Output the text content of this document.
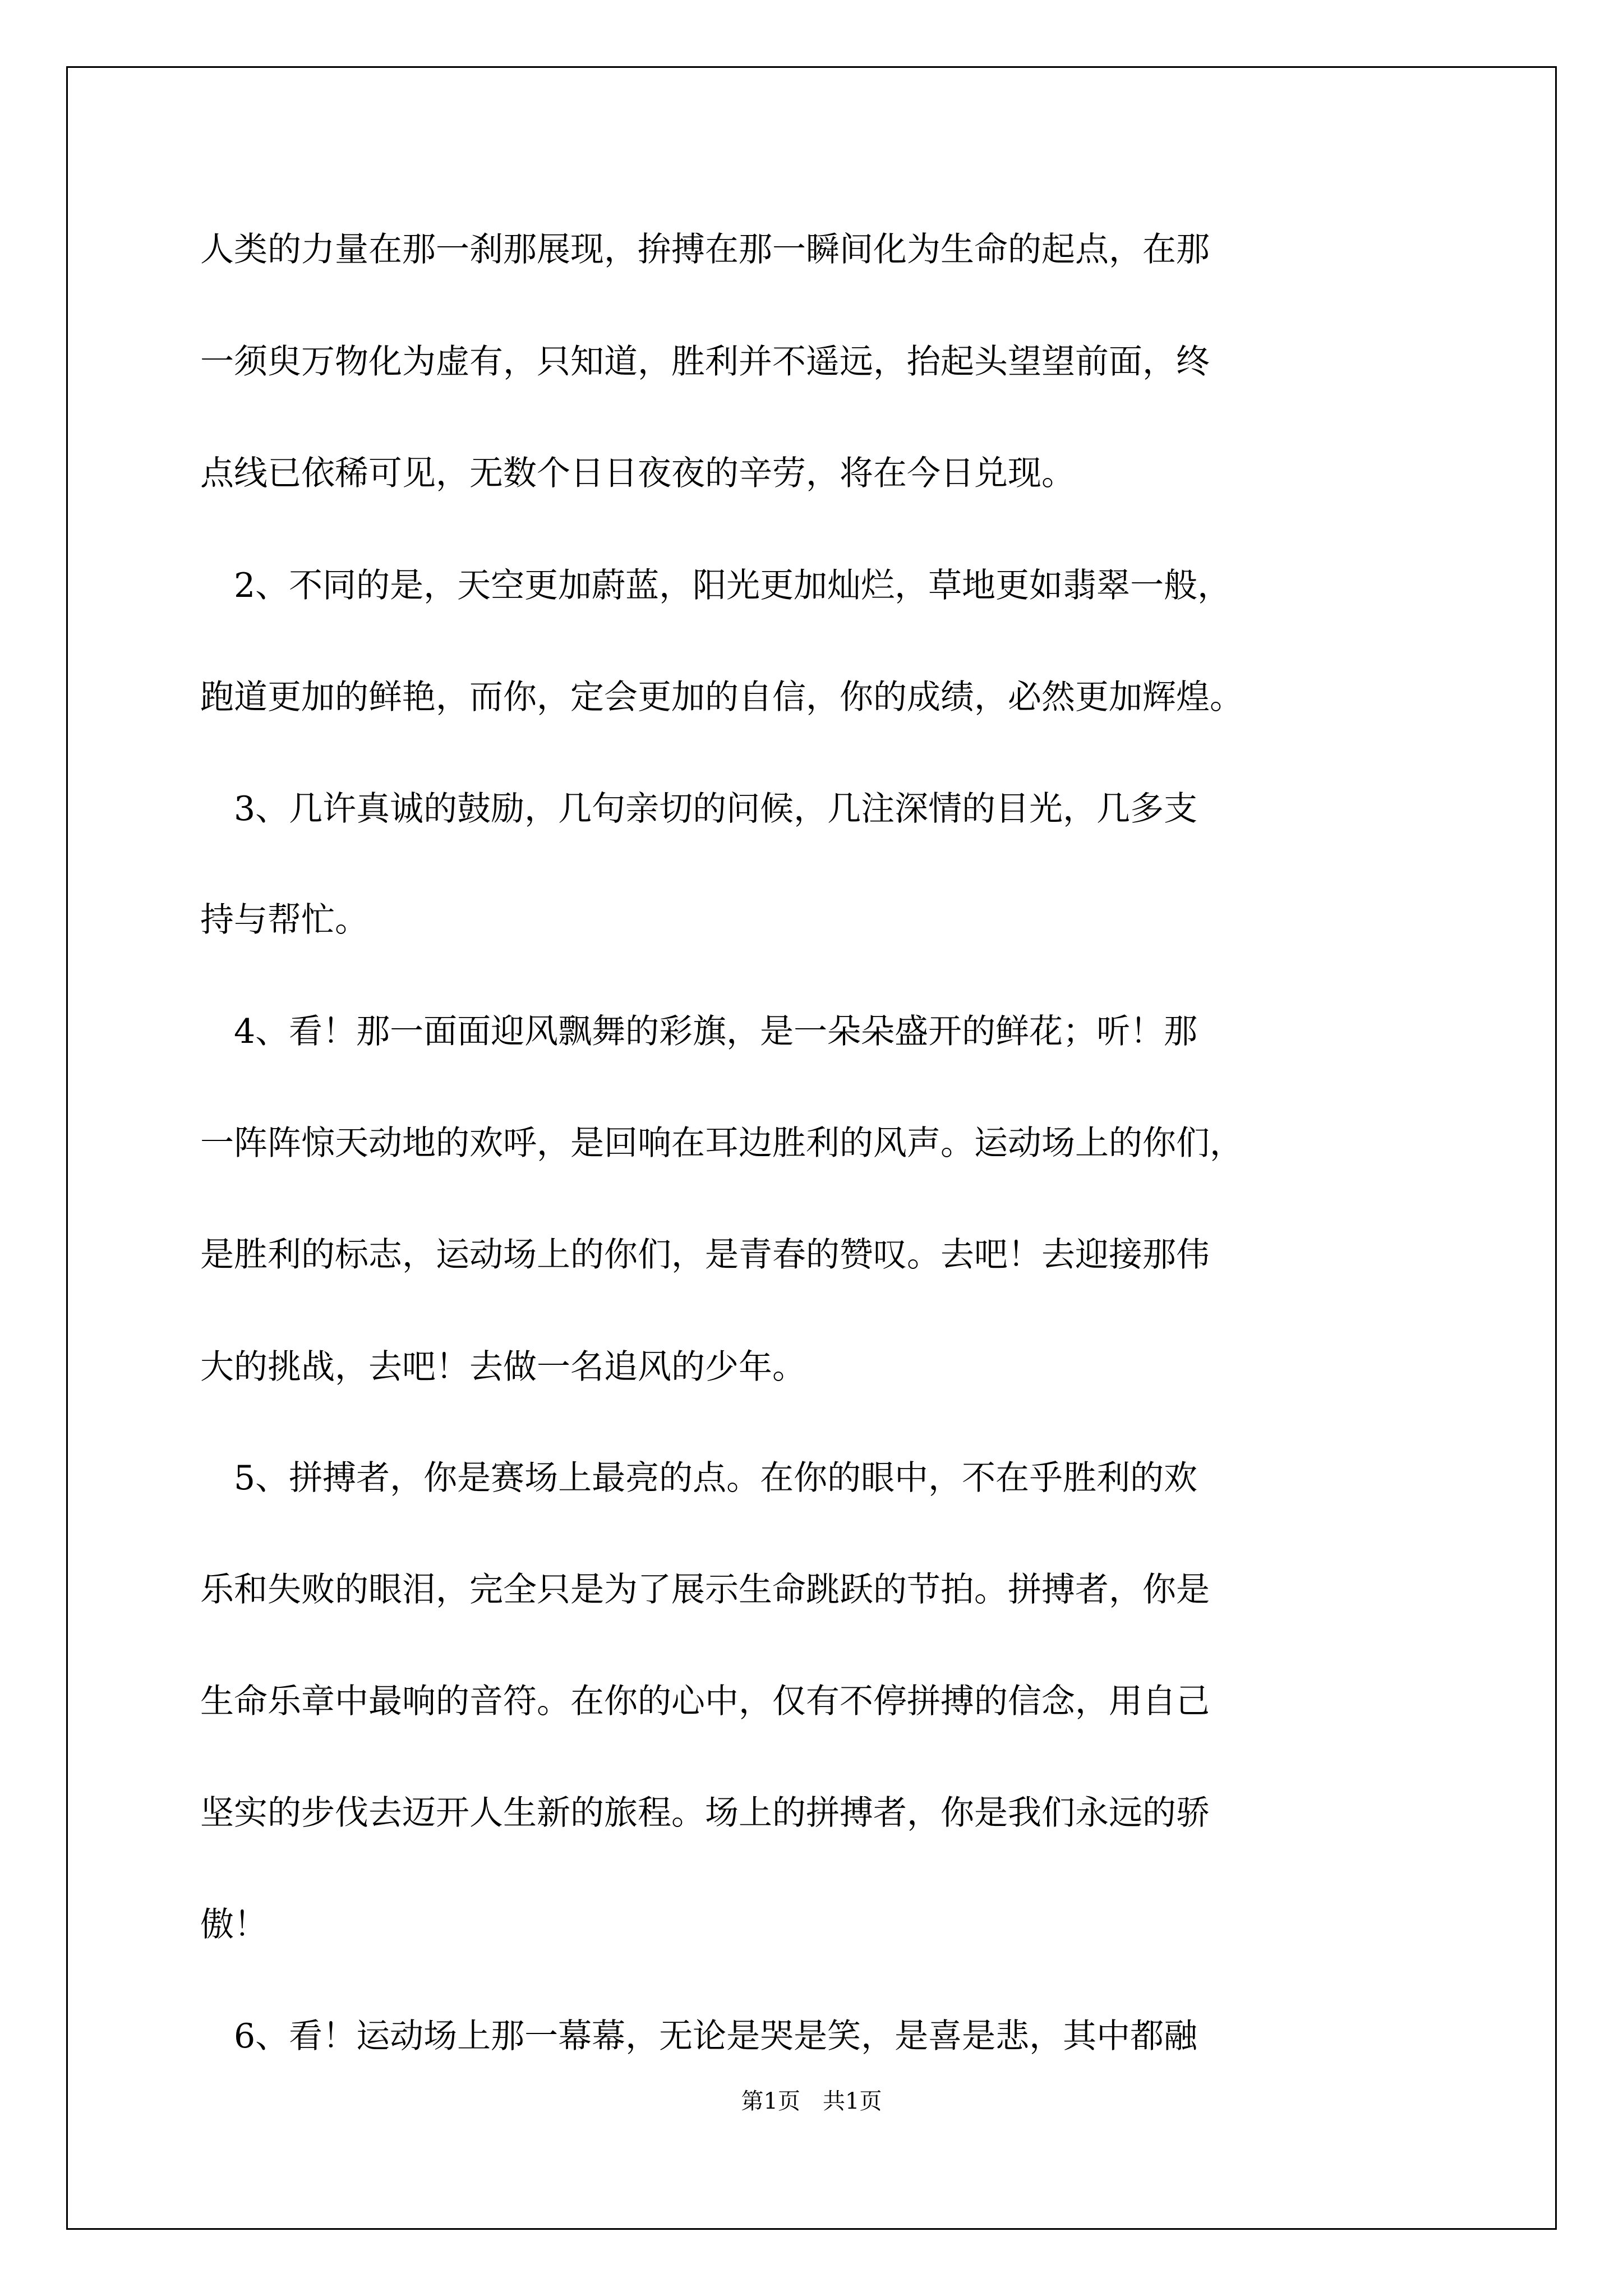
人类的力量在那一刹那展现，拚搏在那一瞬间化为生命的起点，在那
一须臾万物化为虚有，只知道，胜利并不遥远，抬起头望望前面，终
点线已依稀可见，无数个日日夜夜的辛劳，将在今日兑现。
　2、不同的是，天空更加蔚蓝，阳光更加灿烂，草地更如翡翠一般，
跑道更加的鲜艳，而你，定会更加的自信，你的成绩，必然更加辉煌。
　3、几许真诚的鼓励，几句亲切的问候，几注深情的目光，几多支
持与帮忙。
　4、看！那一面面迎风飘舞的彩旗，是一朵朵盛开的鲜花；听！那
一阵阵惊天动地的欢呼，是回响在耳边胜利的风声。运动场上的你们，
是胜利的标志，运动场上的你们，是青春的赞叹。去吧！去迎接那伟
大的挑战，去吧！去做一名追风的少年。
　5、拼搏者，你是赛场上最亮的点。在你的眼中，不在乎胜利的欢
乐和失败的眼泪，完全只是为了展示生命跳跃的节拍。拼搏者，你是
生命乐章中最响的音符。在你的心中，仅有不停拼搏的信念，用自己
坚实的步伐去迈开人生新的旅程。场上的拼搏者，你是我们永远的骄
傲！
　6、看！运动场上那一幕幕，无论是哭是笑，是喜是悲，其中都融
第1页　共1页
